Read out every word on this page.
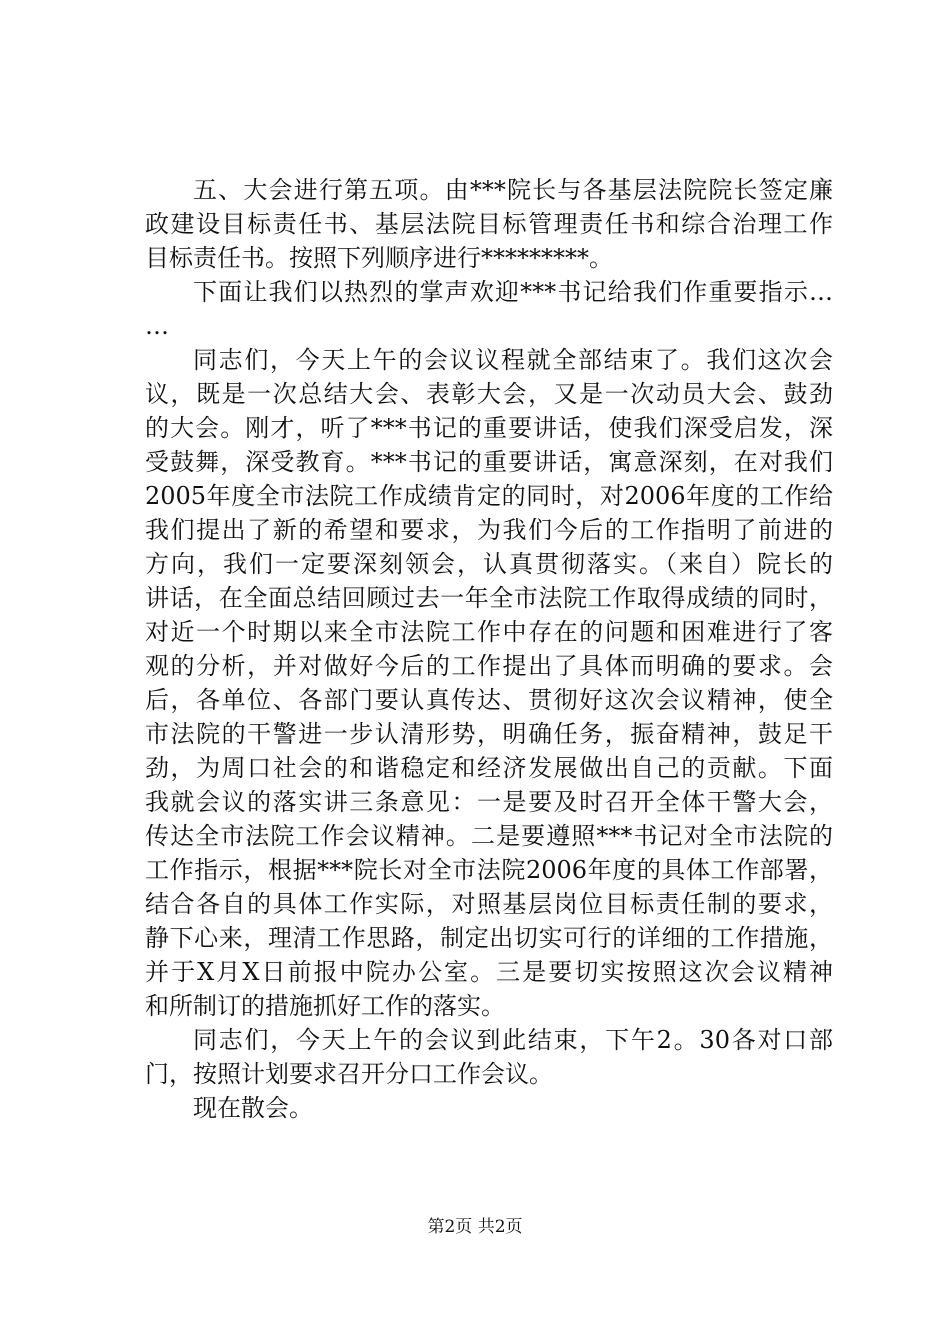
五、大会进行第五项。由***院长与各基层法院院长签定廉
政建设目标责任书、基层法院目标管理责任书和综合治理工作
目标责任书。按照下列顺序进行*********。
下面让我们以热烈的掌声欢迎***书记给我们作重要指示…
…
同志们，今天上午的会议议程就全部结束了。我们这次会
议，既是一次总结大会、表彰大会，又是一次动员大会、鼓劲
的大会。刚才，听了***书记的重要讲话，使我们深受启发，深
受鼓舞，深受教育。***书记的重要讲话，寓意深刻，在对我们
2005年度全市法院工作成绩肯定的同时，对2006年度的工作给
我们提出了新的希望和要求，为我们今后的工作指明了前进的
方向，我们一定要深刻领会，认真贯彻落实。（来自）院长的
讲话，在全面总结回顾过去一年全市法院工作取得成绩的同时，
对近一个时期以来全市法院工作中存在的问题和困难进行了客
观的分析，并对做好今后的工作提出了具体而明确的要求。会
后，各单位、各部门要认真传达、贯彻好这次会议精神，使全
市法院的干警进一步认清形势，明确任务，振奋精神，鼓足干
劲，为周口社会的和谐稳定和经济发展做出自己的贡献。下面
我就会议的落实讲三条意见：一是要及时召开全体干警大会，
传达全市法院工作会议精神。二是要遵照***书记对全市法院的
工作指示，根据***院长对全市法院2006年度的具体工作部署，
结合各自的具体工作实际，对照基层岗位目标责任制的要求，
静下心来，理清工作思路，制定出切实可行的详细的工作措施，
并于X月X日前报中院办公室。三是要切实按照这次会议精神
和所制订的措施抓好工作的落实。
同志们，今天上午的会议到此结束，下午2。30各对口部
门，按照计划要求召开分口工作会议。
现在散会。
第2页 共2页
